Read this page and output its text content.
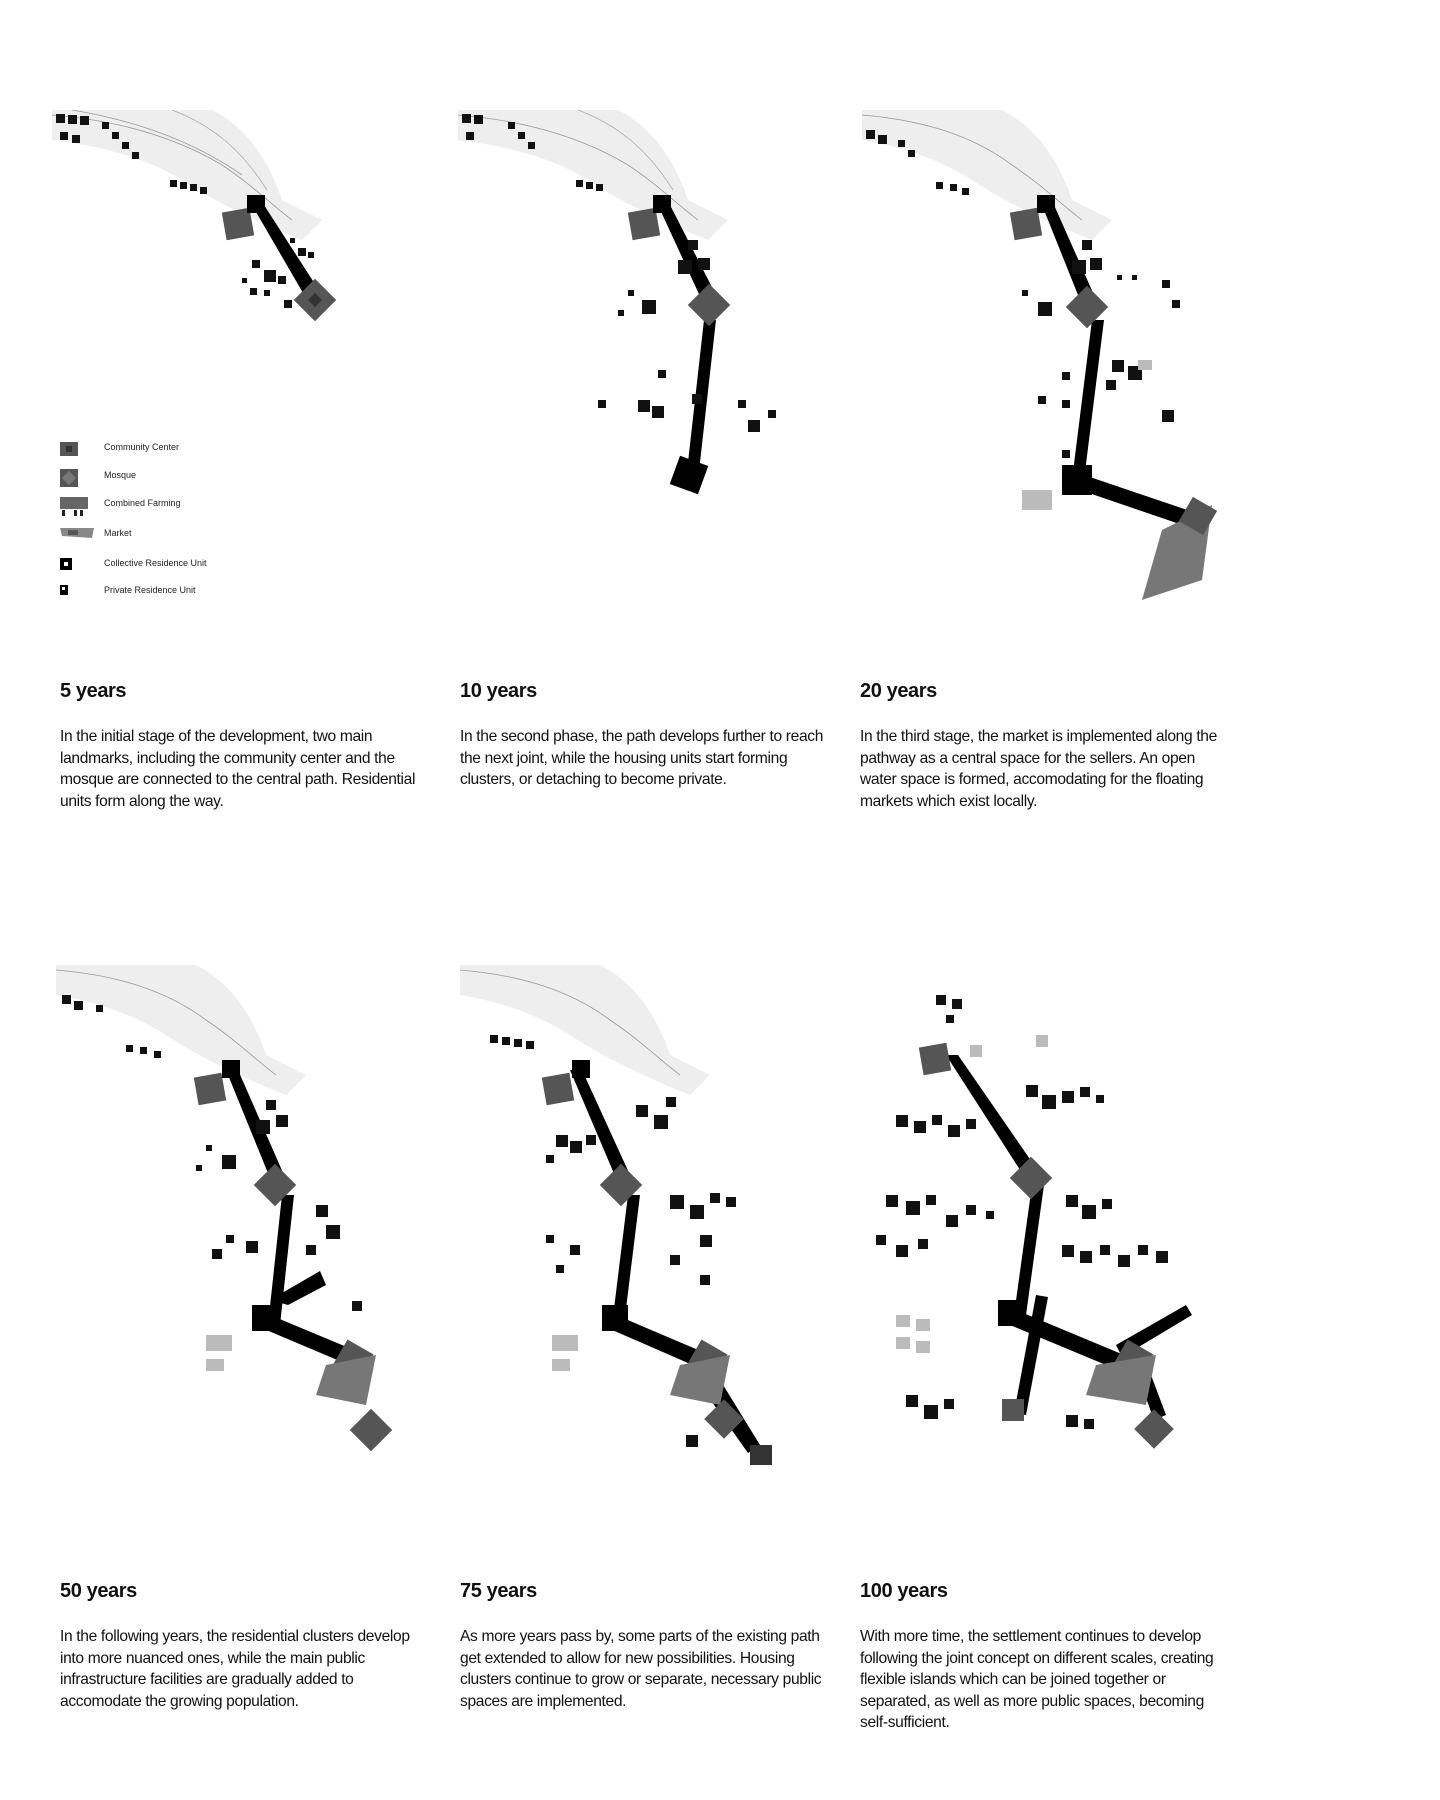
Community Center
Mosque
Combined Farming
Market
Collective Residence Unit
Private Residence Unit
5 years

In the initial stage of the development, two main landmarks, including the community center and the mosque are connected to the central path. Residential units form along the way.

10 years

In the second phase, the path develops further to reach the next joint, while the housing units start forming clusters, or detaching to become private.

20 years

In the third stage, the market is implemented along the pathway as a central space for the sellers. An open water space is formed, accomodating for the floating markets which exist locally.

50 years

In the following years, the residential clusters develop into more nuanced ones, while the main public infrastructure facilities are gradually added to accomodate the growing population.

75 years

As more years pass by, some parts of the existing path get extended to allow for new possibilities. Housing clusters continue to grow or separate, necessary public spaces are implemented.

100 years

With more time, the settlement continues to develop following the joint concept on different scales, creating flexible islands which can be joined together or separated, as well as more public spaces, becoming self-sufficient.
